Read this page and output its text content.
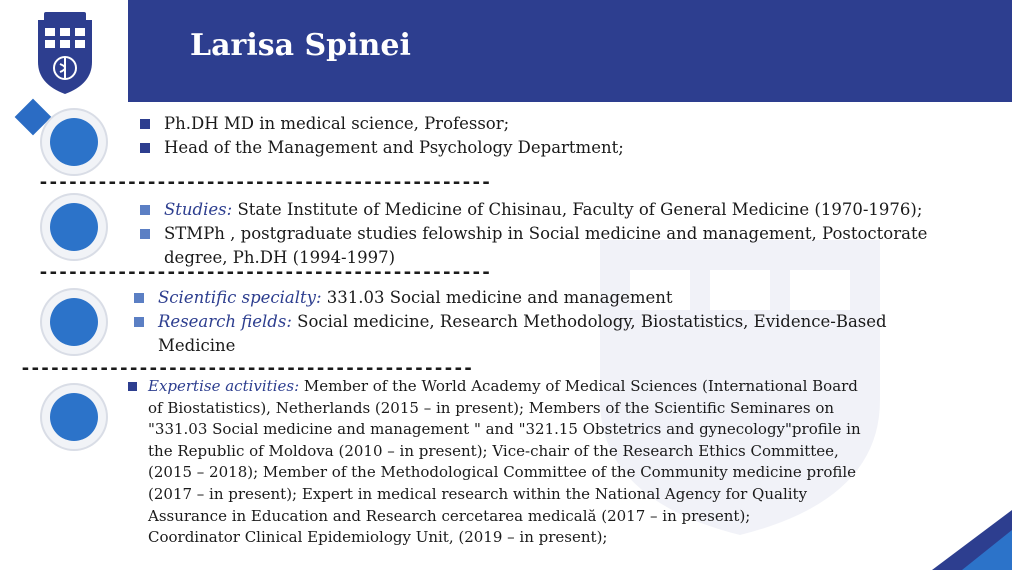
Larisa Spinei
Ph.DH MD in medical science, Professor;
Head of the Management and Psychology Department;
----------------------------------------------
Studies: State Institute of Medicine of Chisinau, Faculty of General Medicine (1970-1976);
STMPh , postgraduate studies felowship in Social medicine and management, Postoctorate
degree, Ph.DH (1994-1997)
----------------------------------------------
Scientific specialty: 331.03 Social medicine and management
Research fields: Social medicine, Research Methodology, Biostatistics, Evidence-Based
Medicine
----------------------------------------------
Expertise activities: Member of the World Academy of Medical Sciences (International Board
of Biostatistics), Netherlands (2015 – in present); Members of the Scientific Seminares on
"331.03 Social medicine and management " and "321.15 Obstetrics and gynecology"profile in
the Republic of Moldova (2010 – in present); Vice-chair of the Research Ethics Committee,
(2015 – 2018); Member of the Methodological Committee of the Community medicine profile
(2017 – in present); Expert in medical research within the National Agency for Quality
Assurance in Education and Research cercetarea medicală (2017 – in present);
Coordinator Clinical Epidemiology Unit, (2019 – in present);
